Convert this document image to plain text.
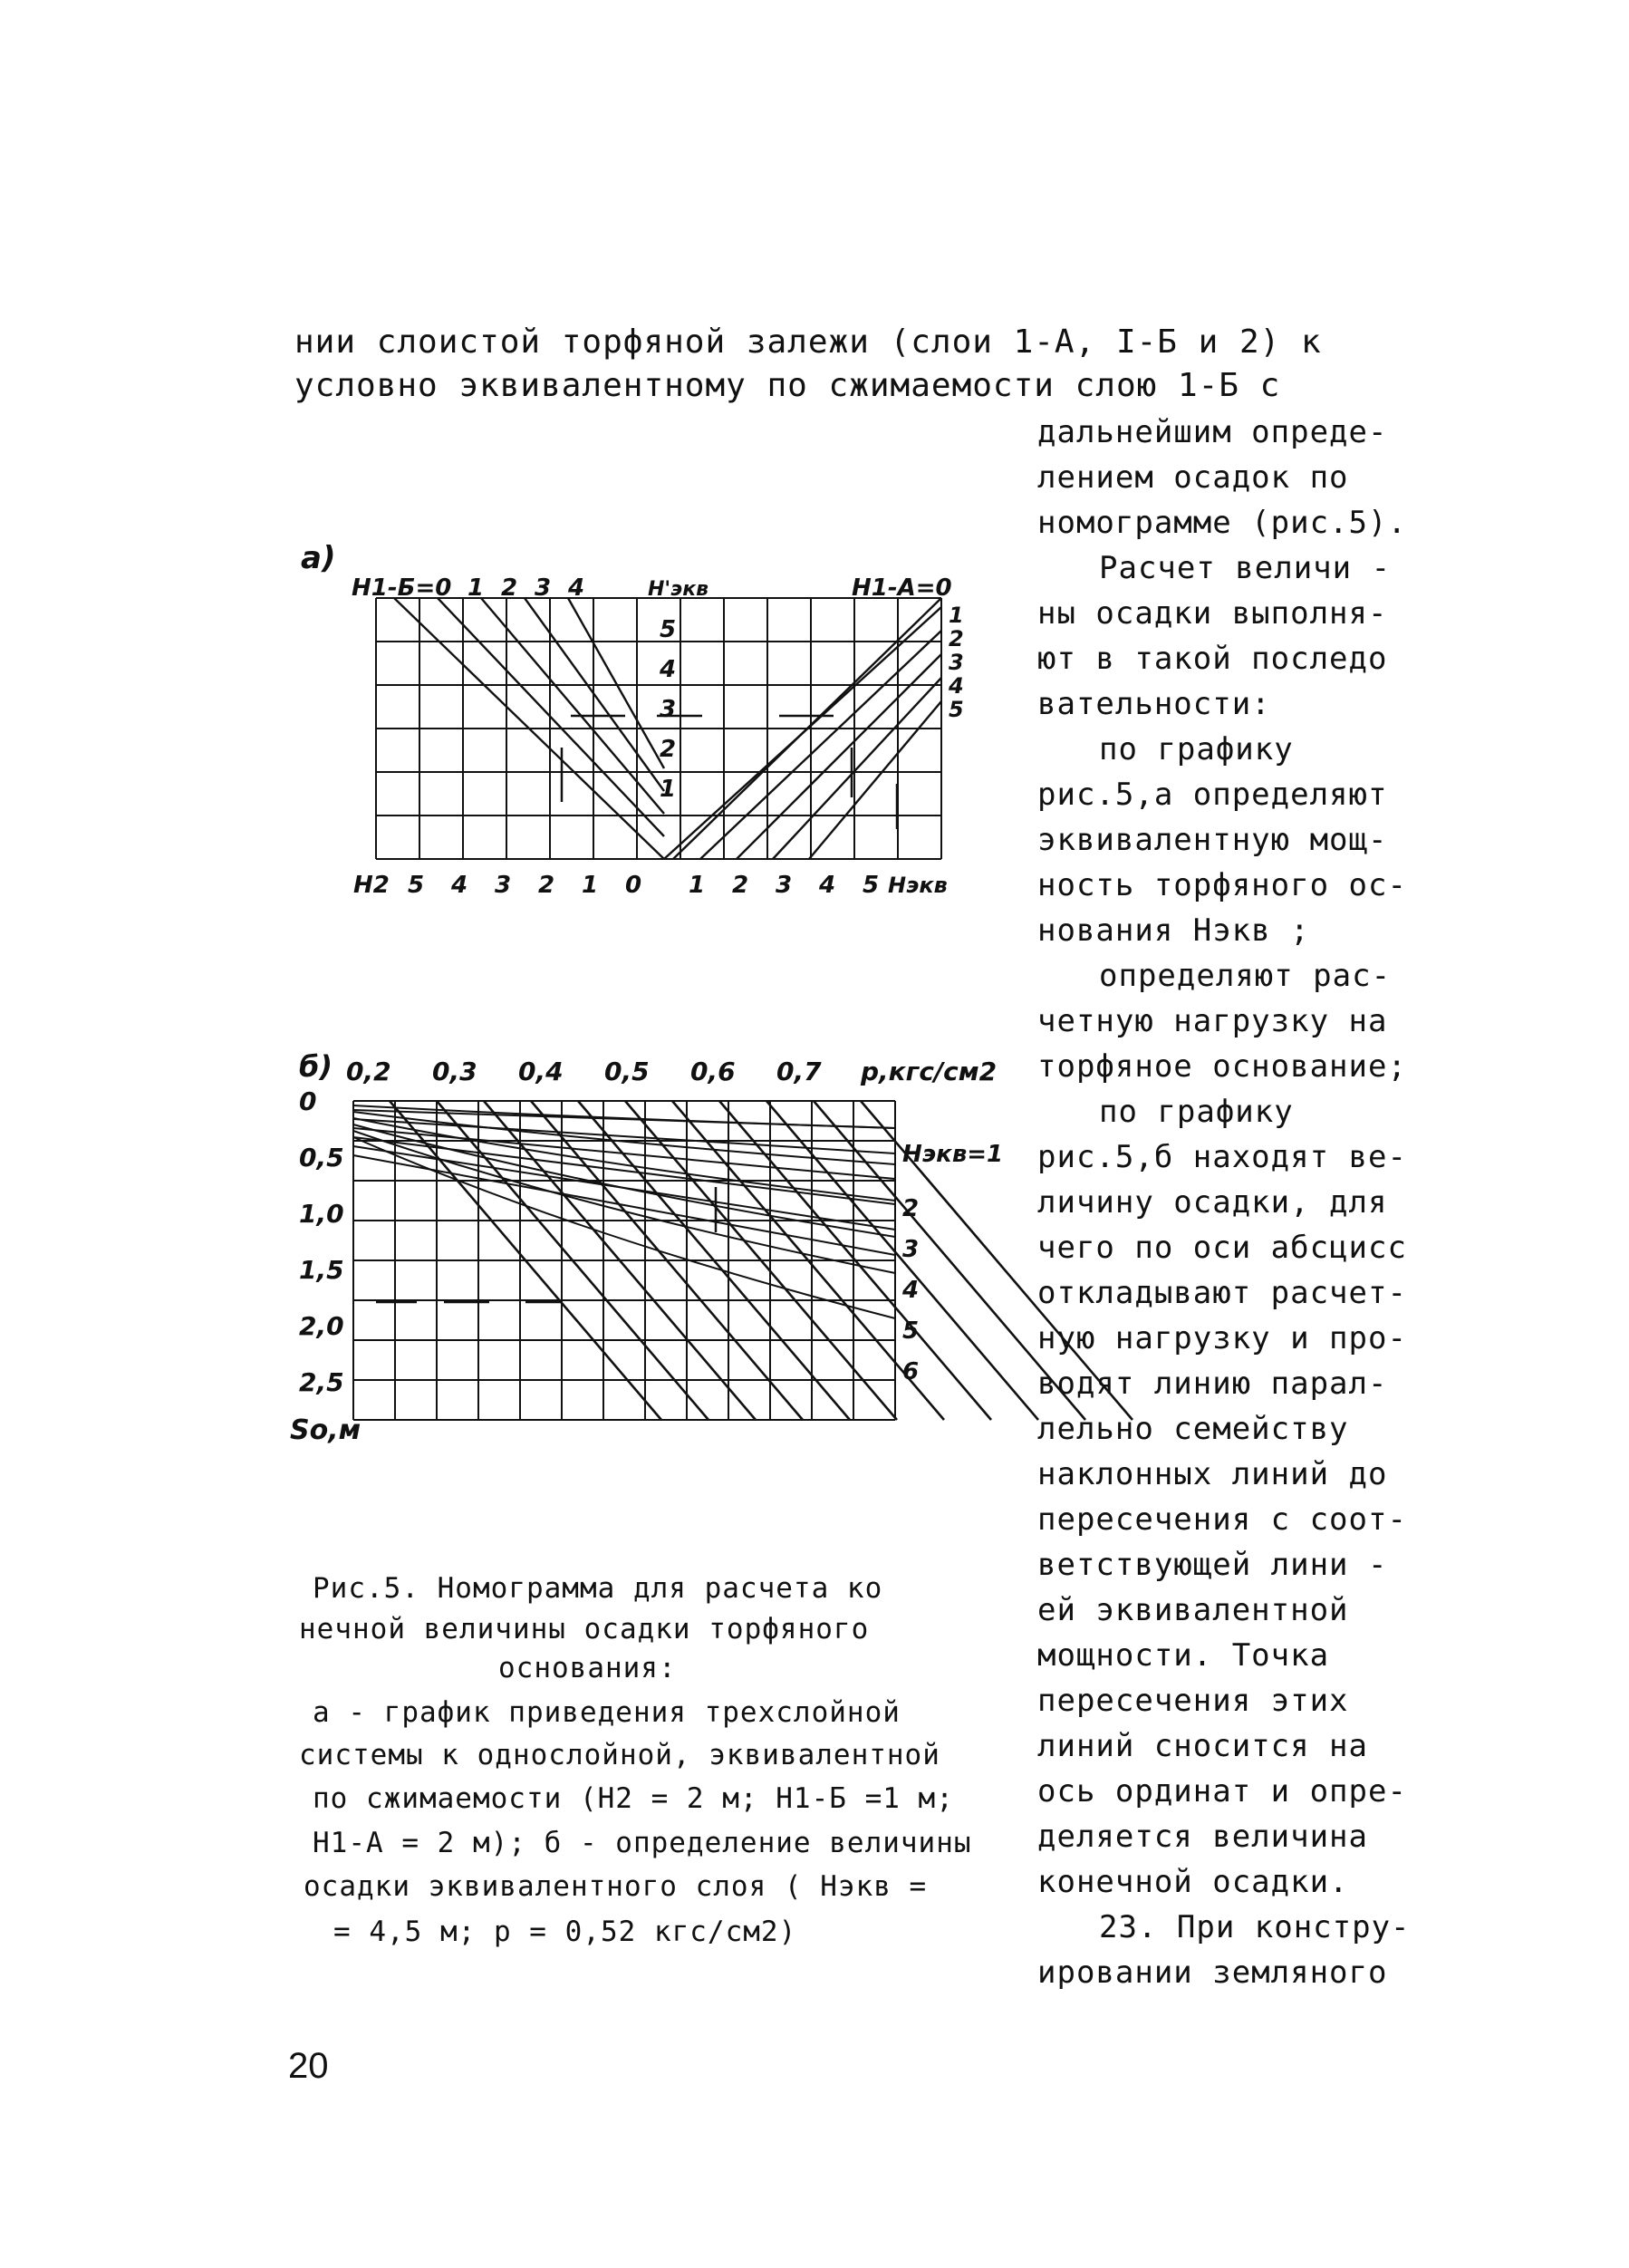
нии слоистой торфяной залежи (слои 1-А, I-Б и 2) к
условно эквивалентному по сжимаемости слою 1-Б с
дальнейшим опреде-
лением осадок по
номограмме (рис.5).
Расчет величи -
ны осадки выполня-
ют в такой последо
вательности:
по графику
рис.5,а определяют
эквивалентную мощ-
ность торфяного ос-
нования Hэкв ;
определяют рас-
четную нагрузку на
торфяное основание;
по графику
рис.5,б находят ве-
личину осадки, для
чего по оси абсцисс
откладывают расчет-
ную нагрузку и про-
водят линию парал-
лельно семейству
наклонных линий до
пересечения с соот-
ветствующей лини -
ей эквивалентной
мощности. Точка
пересечения этих
линий сносится на
ось ординат и опре-
деляется величина
конечной осадки.
23. При констру-
ировании земляного
а)
H1-Б=0 1 2 3 4	H'экв	H1-А=0
5
4
3
2
1
1
2
3
4
5
H2 5 4 3 2 1 0 1 2 3 4 5 Hэкв
б) 0,2 0,3 0,4 0,5 0,6 0,7 p,кгс/см2
0
0,5
1,0
1,5
2,0
2,5
Sо,м
Hэкв=1
2
3
4
5
6
Рис.5. Номограмма для расчета ко
нечной величины осадки торфяного
основания:
а - график приведения трехслойной
системы к однослойной, эквивалентной
по сжимаемости (H2 = 2 м; H1-Б =1 м;
H1-А = 2 м); б - определение величины
осадки эквивалентного слоя ( Hэкв =
= 4,5 м; p = 0,52 кгс/см2)
20
